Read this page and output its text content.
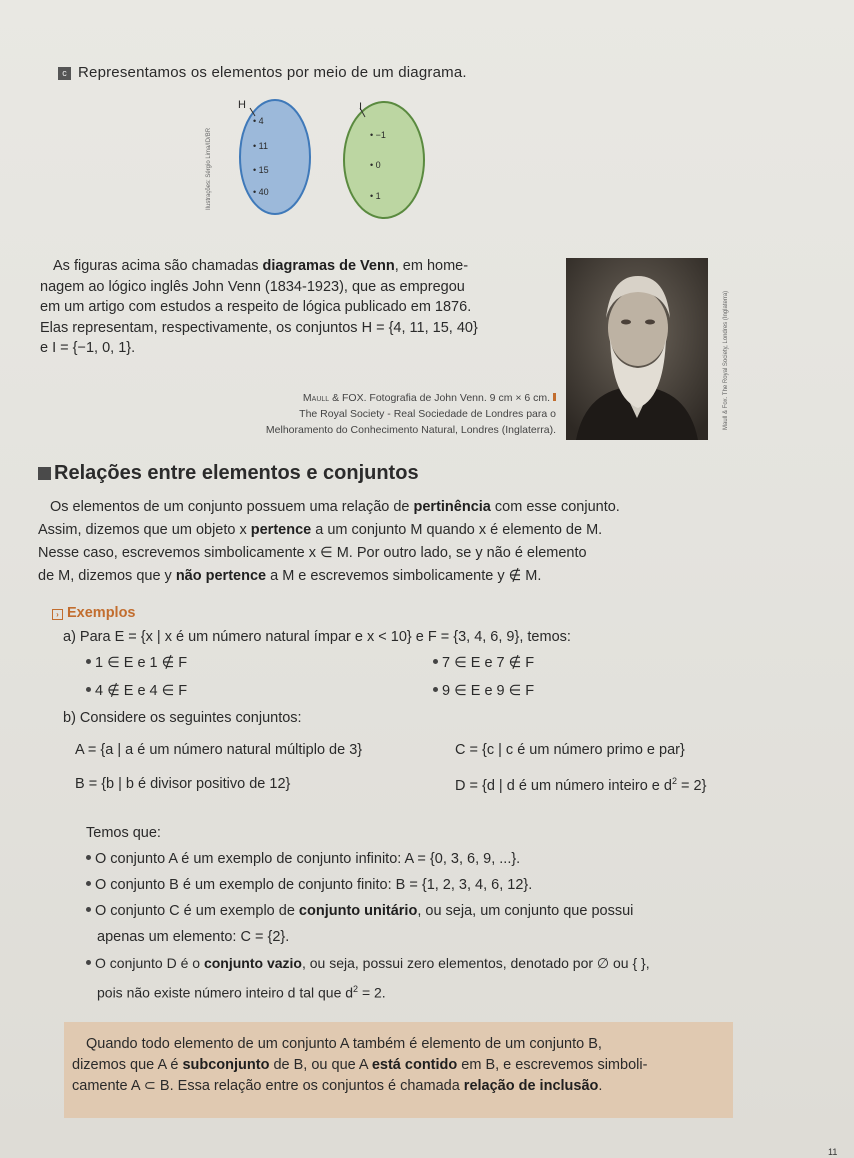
c Representamos os elementos por meio de um diagrama.
Ilustrações: Sérgio Lima/ID/BR
H
• 4
• 11
• 15
• 40
I
• −1
• 0
• 1
As figuras acima são chamadas diagramas de Venn, em home-
nagem ao lógico inglês John Venn (1834-1923), que as empregou
em um artigo com estudos a respeito de lógica publicado em 1876.
Elas representam, respectivamente, os conjuntos H = {4, 11, 15, 40}
e I = {−1, 0, 1}.	Maull & Fox. The Royal Society, Londres (Inglaterra)
Maull & FOX. Fotografia de John Venn. 9 cm × 6 cm.
The Royal Society - Real Sociedade de Londres para o
Melhoramento do Conhecimento Natural, Londres (Inglaterra).
Relações entre elementos e conjuntos
Os elementos de um conjunto possuem uma relação de pertinência com esse conjunto.
Assim, dizemos que um objeto x pertence a um conjunto M quando x é elemento de M.
Nesse caso, escrevemos simbolicamente x ∈ M. Por outro lado, se y não é elemento
de M, dizemos que y não pertence a M e escrevemos simbolicamente y ∉ M.
› Exemplos
a) Para E = {x | x é um número natural ímpar e x < 10} e F = {3, 4, 6, 9}, temos:
1 ∈ E e 1 ∉ F	7 ∈ E e 7 ∉ F
4 ∉ E e 4 ∈ F	9 ∈ E e 9 ∈ F
b) Considere os seguintes conjuntos:
A = {a | a é um número natural múltiplo de 3}	C = {c | c é um número primo e par}
B = {b | b é divisor positivo de 12}	D = {d | d é um número inteiro e $d^2 = 2$}
Temos que:
O conjunto A é um exemplo de conjunto infinito: A = {0, 3, 6, 9, ...}.
O conjunto B é um exemplo de conjunto finito: B = {1, 2, 3, 4, 6, 12}.
O conjunto C é um exemplo de conjunto unitário, ou seja, um conjunto que possui
apenas um elemento: C = {2}.
O conjunto D é o conjunto vazio, ou seja, possui zero elementos, denotado por ∅ ou { },
pois não existe número inteiro d tal que $d^2 = 2$.
Quando todo elemento de um conjunto A também é elemento de um conjunto B,
dizemos que A é subconjunto de B, ou que A está contido em B, e escrevemos simboli-
camente A ⊂ B. Essa relação entre os conjuntos é chamada relação de inclusão.
11
